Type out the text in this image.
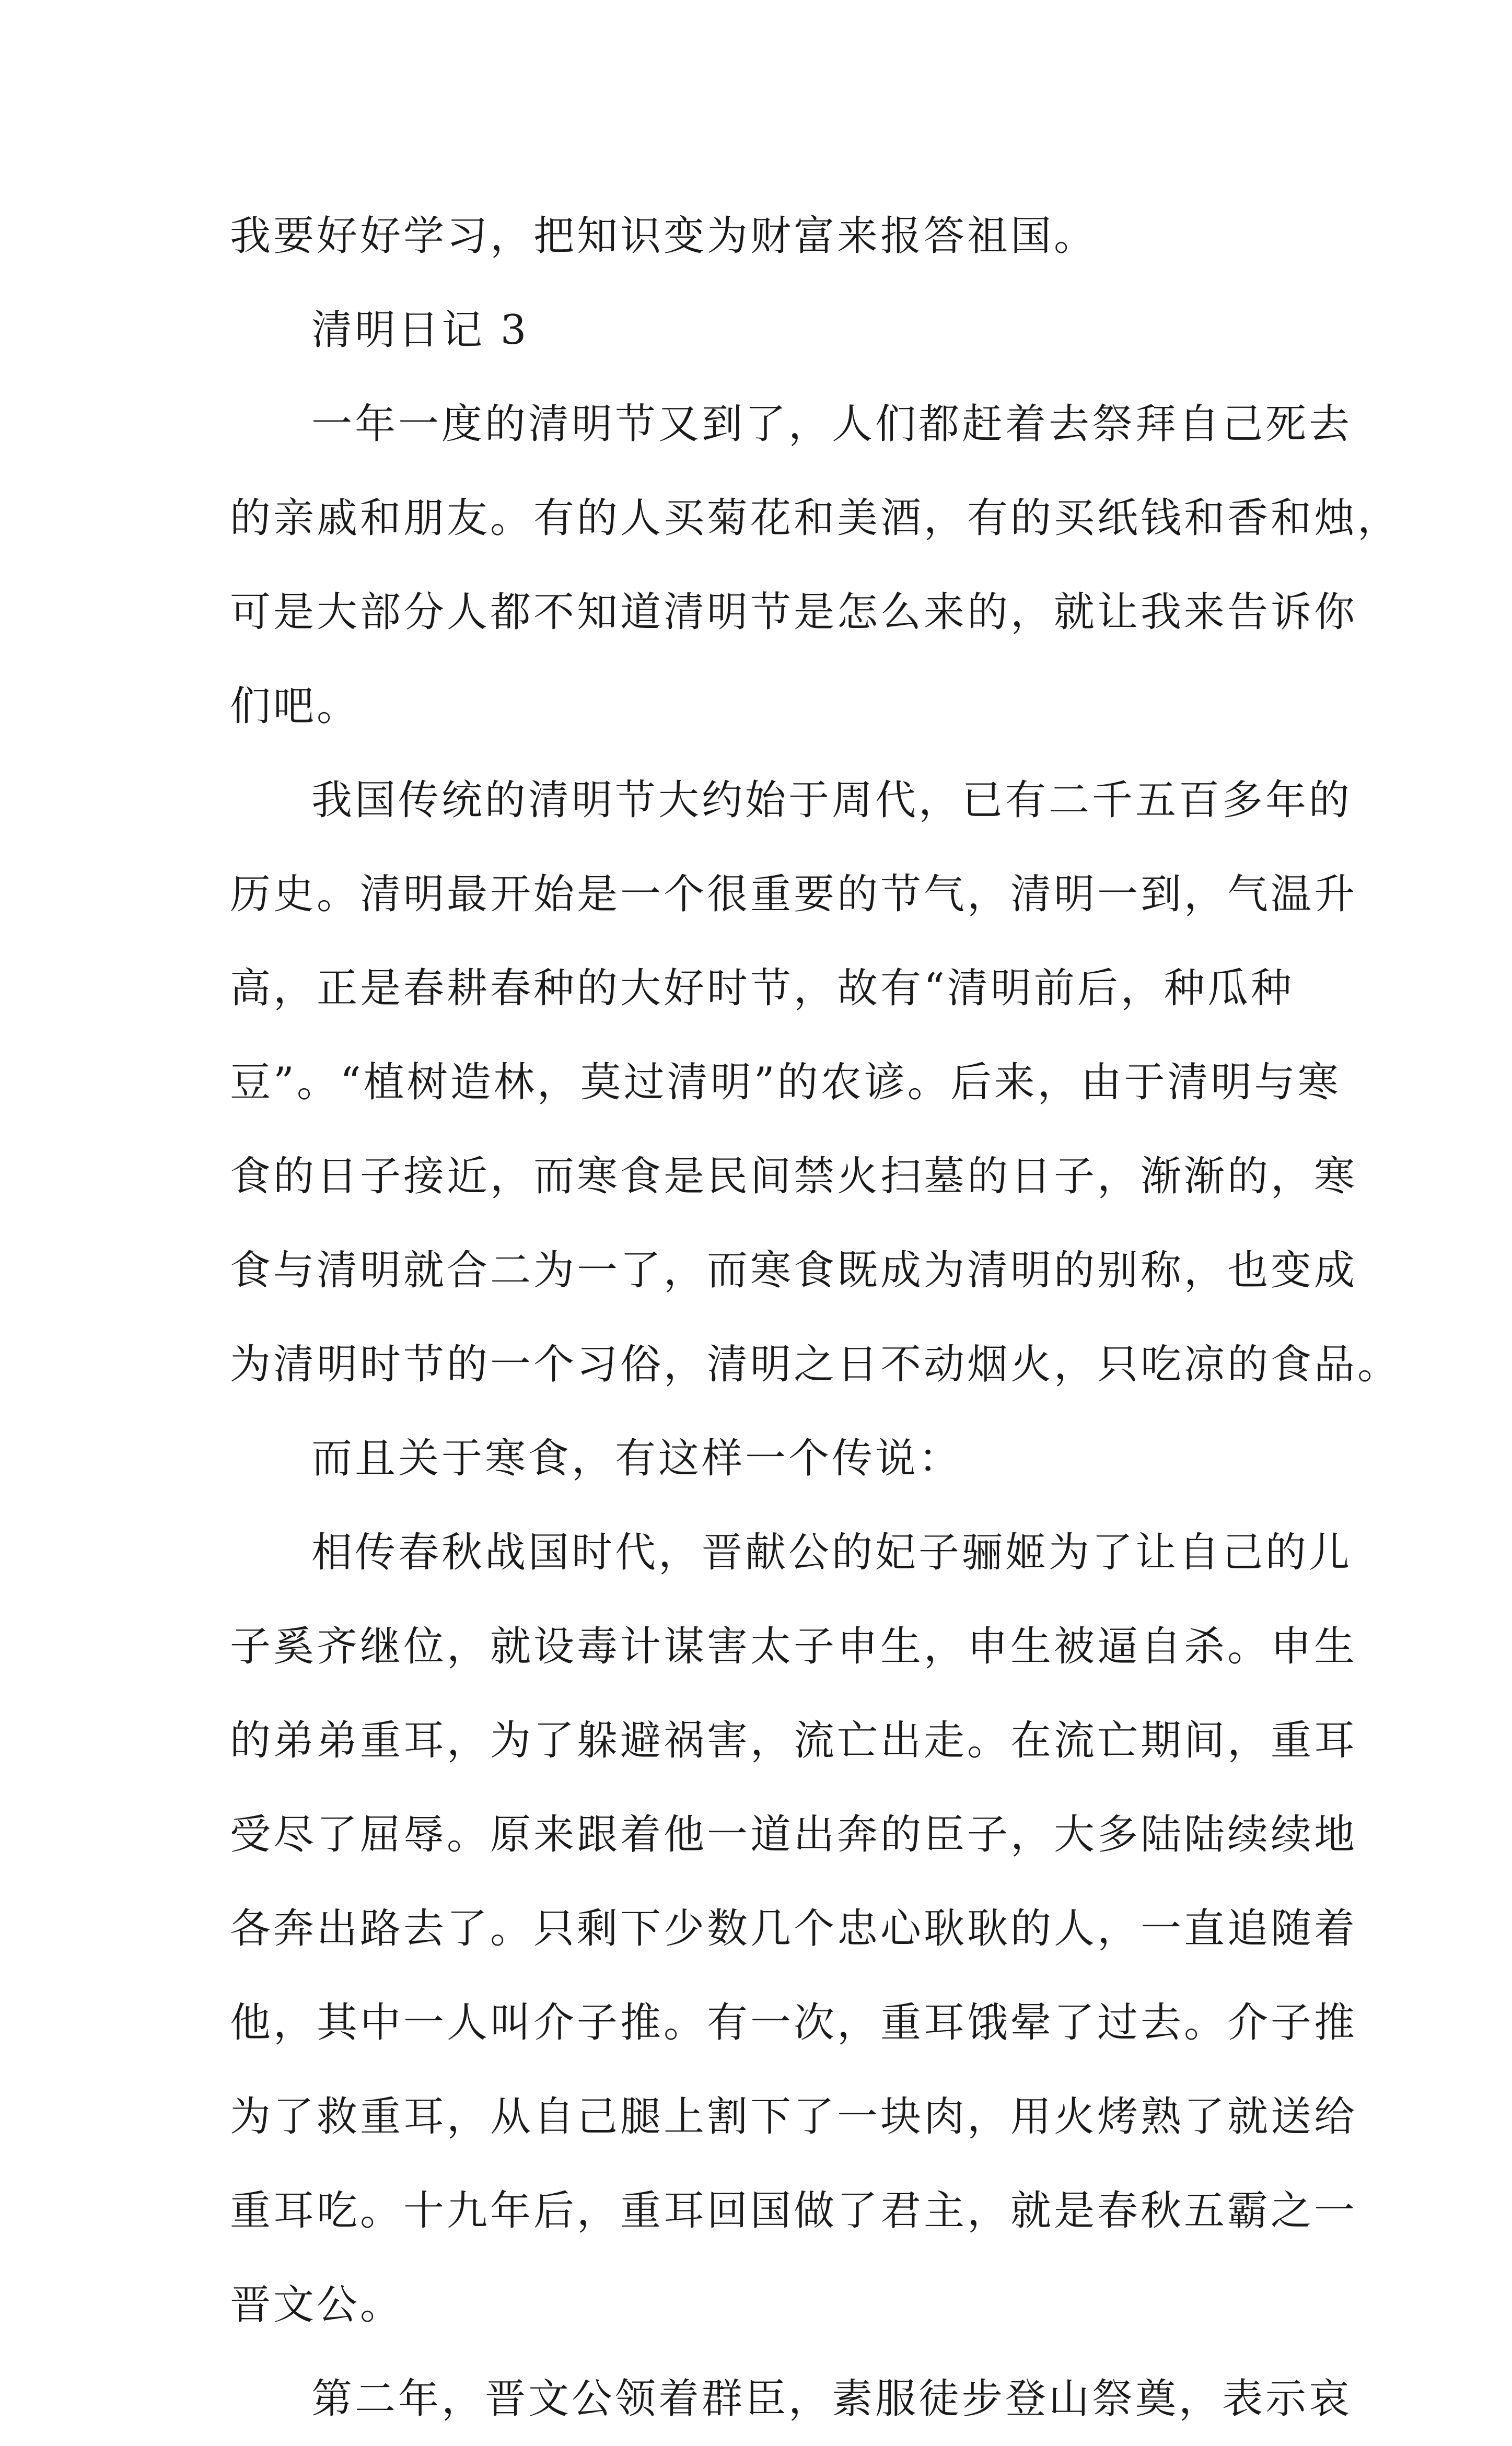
我要好好学习，把知识变为财富来报答祖国。
清明日记 3
一年一度的清明节又到了，人们都赶着去祭拜自己死去
的亲戚和朋友。有的人买菊花和美酒，有的买纸钱和香和烛，
可是大部分人都不知道清明节是怎么来的，就让我来告诉你
们吧。
我国传统的清明节大约始于周代，已有二千五百多年的
历史。清明最开始是一个很重要的节气，清明一到，气温升
高，正是春耕春种的大好时节，故有“清明前后，种瓜种
豆”。“植树造林，莫过清明”的农谚。后来，由于清明与寒
食的日子接近，而寒食是民间禁火扫墓的日子，渐渐的，寒
食与清明就合二为一了，而寒食既成为清明的别称，也变成
为清明时节的一个习俗，清明之日不动烟火，只吃凉的食品。
而且关于寒食，有这样一个传说：
相传春秋战国时代，晋献公的妃子骊姬为了让自己的儿
子奚齐继位，就设毒计谋害太子申生，申生被逼自杀。申生
的弟弟重耳，为了躲避祸害，流亡出走。在流亡期间，重耳
受尽了屈辱。原来跟着他一道出奔的臣子，大多陆陆续续地
各奔出路去了。只剩下少数几个忠心耿耿的人，一直追随着
他，其中一人叫介子推。有一次，重耳饿晕了过去。介子推
为了救重耳，从自己腿上割下了一块肉，用火烤熟了就送给
重耳吃。十九年后，重耳回国做了君主，就是春秋五霸之一
晋文公。
第二年，晋文公领着群臣，素服徒步登山祭奠，表示哀
